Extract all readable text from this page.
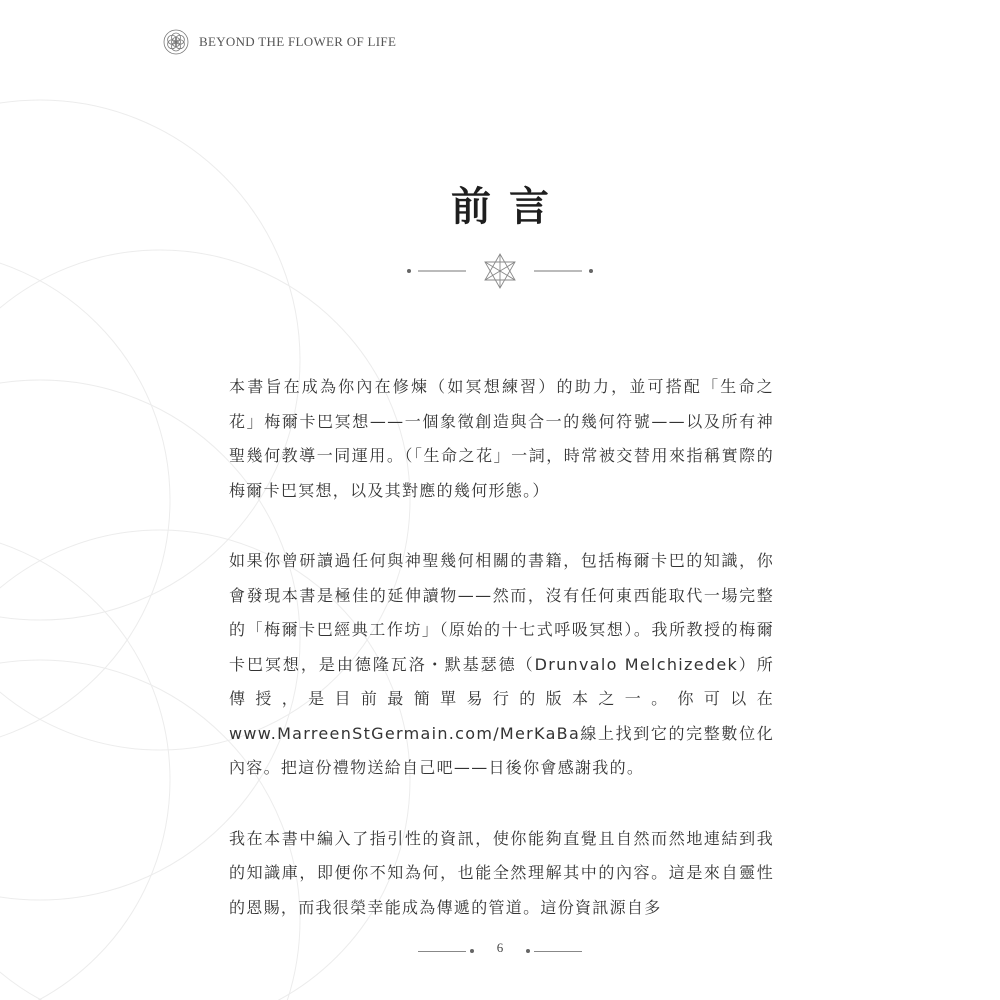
BEYOND THE FLOWER OF LIFE
前言

本書旨在成為你內在修煉（如冥想練習）的助力，並可搭配「生命之花」梅爾卡巴冥想——一個象徵創造與合一的幾何符號——以及所有神聖幾何教導一同運用。（「生命之花」一詞，時常被交替用來指稱實際的梅爾卡巴冥想，以及其對應的幾何形態。）

如果你曾研讀過任何與神聖幾何相關的書籍，包括梅爾卡巴的知識，你會發現本書是極佳的延伸讀物——然而，沒有任何東西能取代一場完整的「梅爾卡巴經典工作坊」（原始的十七式呼吸冥想）。我所教授的梅爾卡巴冥想，是由德隆瓦洛・默基瑟德（Drunvalo Melchizedek）所傳授，是目前最簡單易行的版本之一。你可以在www.MarreenStGermain.com/MerKaBa線上找到它的完整數位化內容。把這份禮物送給自己吧——日後你會感謝我的。

我在本書中編入了指引性的資訊，使你能夠直覺且自然而然地連結到我的知識庫，即便你不知為何，也能全然理解其中的內容。這是來自靈性的恩賜，而我很榮幸能成為傳遞的管道。這份資訊源自多

6
